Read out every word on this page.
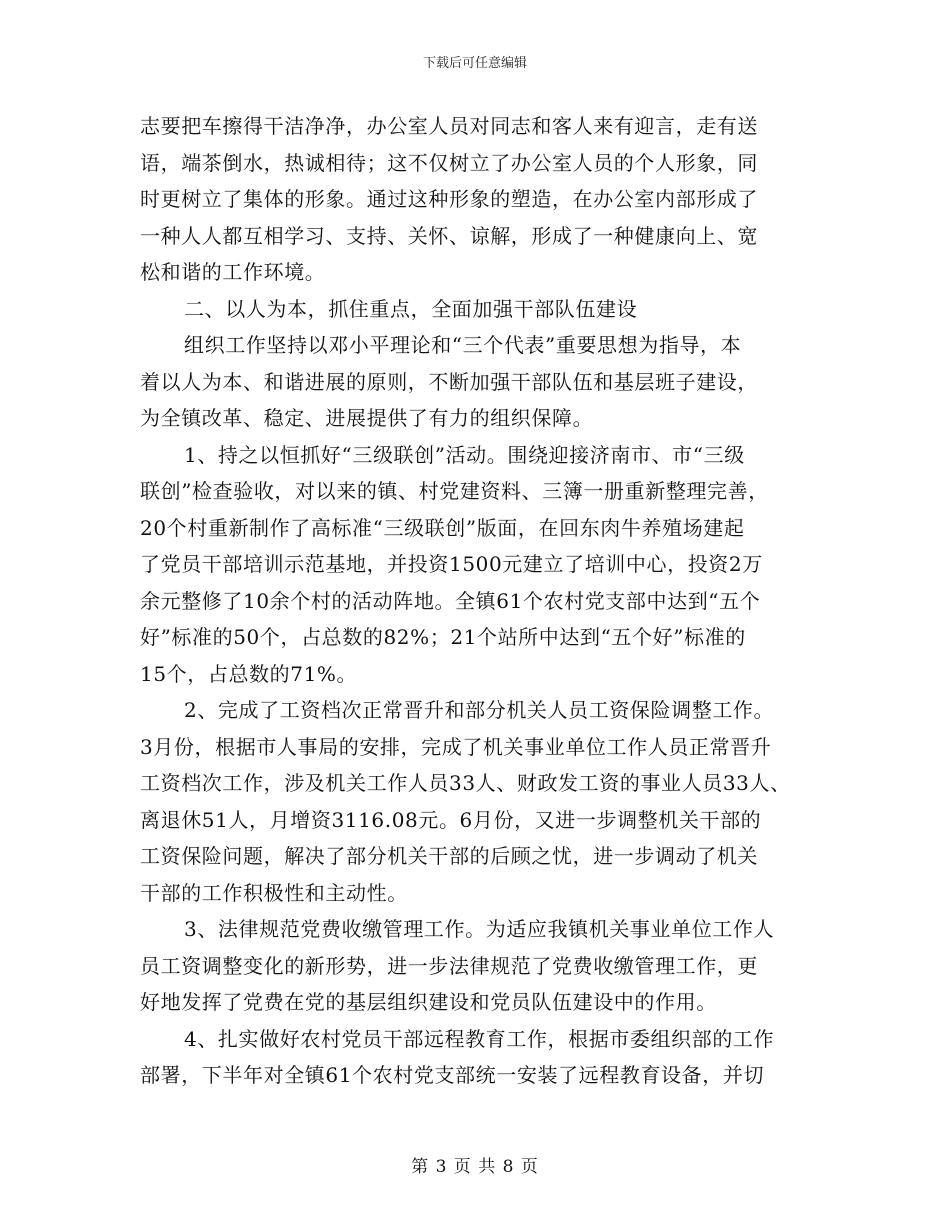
下载后可任意编辑
志要把车擦得干洁净净，办公室人员对同志和客人来有迎言，走有送
语，端茶倒水，热诚相待；这不仅树立了办公室人员的个人形象，同
时更树立了集体的形象。通过这种形象的塑造，在办公室内部形成了
一种人人都互相学习、支持、关怀、谅解，形成了一种健康向上、宽
松和谐的工作环境。
二、以人为本，抓住重点，全面加强干部队伍建设
组织工作坚持以邓小平理论和“三个代表”重要思想为指导，本
着以人为本、和谐进展的原则，不断加强干部队伍和基层班子建设，
为全镇改革、稳定、进展提供了有力的组织保障。
1、持之以恒抓好“三级联创”活动。围绕迎接济南市、市“三级
联创”检查验收，对以来的镇、村党建资料、三簿一册重新整理完善，
20个村重新制作了高标准“三级联创”版面，在回东肉牛养殖场建起
了党员干部培训示范基地，并投资1500元建立了培训中心，投资2万
余元整修了10余个村的活动阵地。全镇61个农村党支部中达到“五个
好”标准的50个，占总数的82%；21个站所中达到“五个好”标准的
15个，占总数的71%。
2、完成了工资档次正常晋升和部分机关人员工资保险调整工作。
3月份，根据市人事局的安排，完成了机关事业单位工作人员正常晋升
工资档次工作，涉及机关工作人员33人、财政发工资的事业人员33人、
离退休51人，月增资3116.08元。6月份，又进一步调整机关干部的
工资保险问题，解决了部分机关干部的后顾之忧，进一步调动了机关
干部的工作积极性和主动性。
3、法律规范党费收缴管理工作。为适应我镇机关事业单位工作人
员工资调整变化的新形势，进一步法律规范了党费收缴管理工作，更
好地发挥了党费在党的基层组织建设和党员队伍建设中的作用。
4、扎实做好农村党员干部远程教育工作，根据市委组织部的工作
部署，下半年对全镇61个农村党支部统一安装了远程教育设备，并切
第 3 页 共 8 页
